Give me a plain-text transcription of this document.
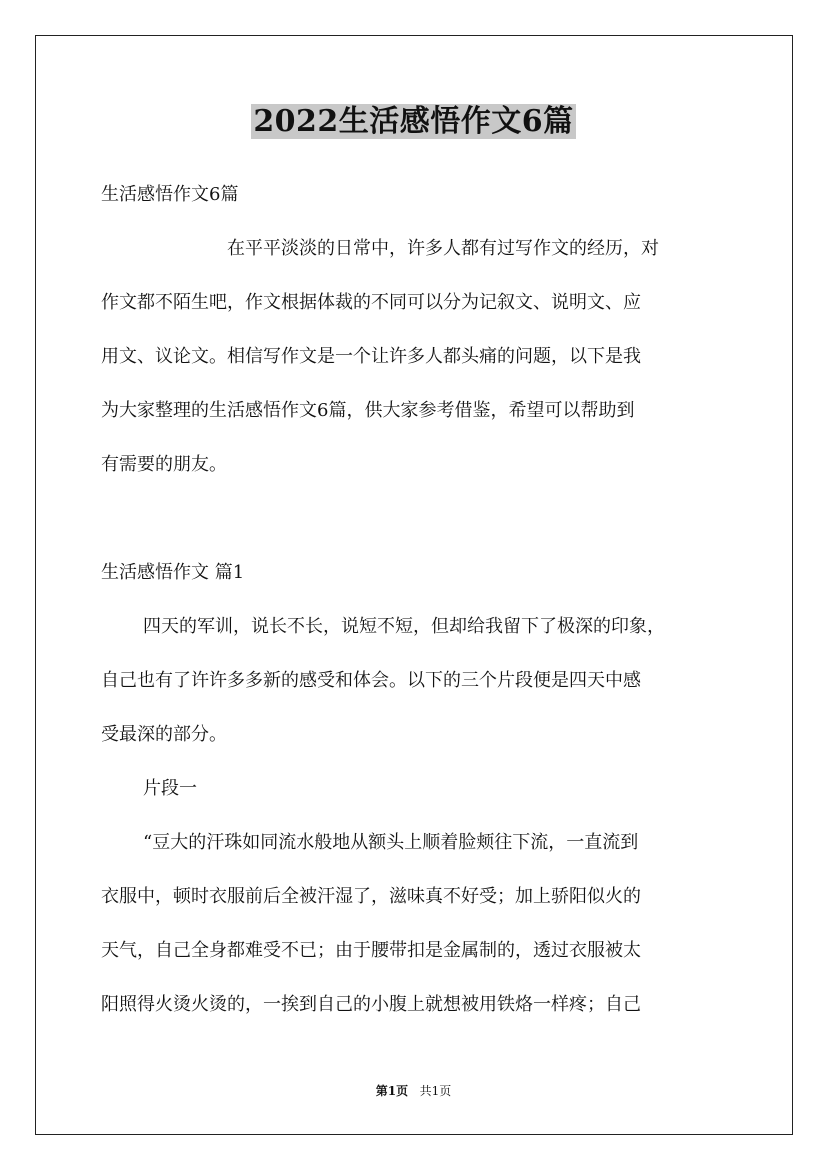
2022生活感悟作文6篇
生活感悟作文6篇
在平平淡淡的日常中，许多人都有过写作文的经历，对
作文都不陌生吧，作文根据体裁的不同可以分为记叙文、说明文、应
用文、议论文。相信写作文是一个让许多人都头痛的问题，以下是我
为大家整理的生活感悟作文6篇，供大家参考借鉴，希望可以帮助到
有需要的朋友。
生活感悟作文 篇1
四天的军训，说长不长，说短不短，但却给我留下了极深的印象，
自己也有了许许多多新的感受和体会。以下的三个片段便是四天中感
受最深的部分。
片段一
“豆大的汗珠如同流水般地从额头上顺着脸颊往下流，一直流到
衣服中，顿时衣服前后全被汗湿了，滋味真不好受；加上骄阳似火的
天气，自己全身都难受不已；由于腰带扣是金属制的，透过衣服被太
阳照得火烫火烫的，一挨到自己的小腹上就想被用铁烙一样疼；自己
第1页 共1页
